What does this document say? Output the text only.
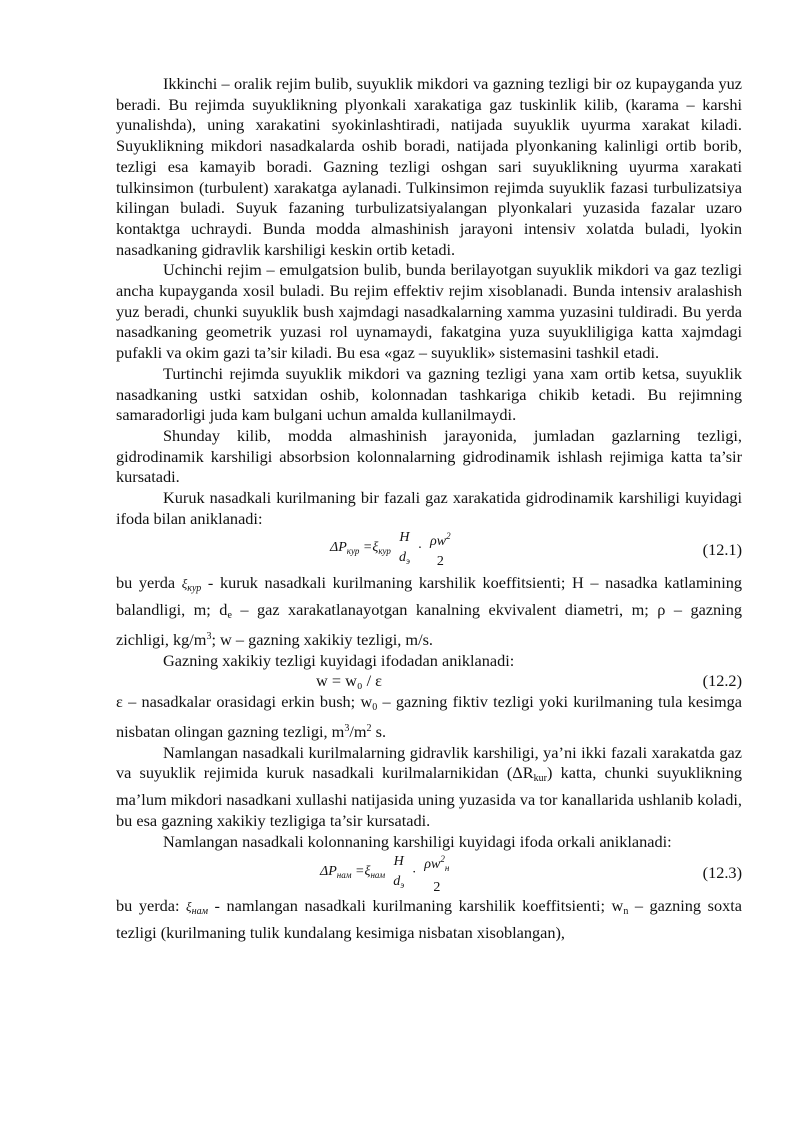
Ikkinchi – oralik rejim bulib, suyuklik mikdori va gazning tezligi bir oz kupayganda yuz beradi. Bu rejimda suyuklikning plyonkali xarakatiga gaz tuskinlik kilib, (karama – karshi yunalishda), uning xarakatini syokinlashtiradi, natijada suyuklik uyurma xarakat kiladi. Suyuklikning mikdori nasadkalarda oshib boradi, natijada plyonkaning kalinligi ortib borib, tezligi esa kamayib boradi. Gazning tezligi oshgan sari suyuklikning uyurma xarakati tulkinsimon (turbulent) xarakatga aylanadi. Tulkinsimon rejimda suyuklik fazasi turbulizatsiya kilingan buladi. Suyuk fazaning turbulizatsiyalangan plyonkalari yuzasida fazalar uzaro kontaktga uchraydi. Bunda modda almashinish jarayoni intensiv xolatda buladi, lyokin nasadkaning gidravlik karshiligi keskin ortib ketadi.

Uchinchi rejim – emulgatsion bulib, bunda berilayotgan suyuklik mikdori va gaz tezligi ancha kupayganda xosil buladi. Bu rejim effektiv rejim xisoblanadi. Bunda intensiv aralashish yuz beradi, chunki suyuklik bush xajmdagi nasadkalarning xamma yuzasini tuldiradi. Bu yerda nasadkaning geometrik yuzasi rol uynamaydi, fakatgina yuza suyukliligiga katta xajmdagi pufakli va okim gazi ta’sir kiladi. Bu esa «gaz – suyuklik» sistemasini tashkil etadi.

Turtinchi rejimda suyuklik mikdori va gazning tezligi yana xam ortib ketsa, suyuklik nasadkaning ustki satxidan oshib, kolonnadan tashkariga chikib ketadi. Bu rejimning samaradorligi juda kam bulgani uchun amalda kullanilmaydi.

Shunday kilib, modda almashinish jarayonida, jumladan gazlarning tezligi, gidrodinamik karshiligi absorbsion kolonnalarning gidrodinamik ishlash rejimiga katta ta’sir kursatadi.

Kuruk nasadkali kurilmaning bir fazali gaz xarakatida gidrodinamik karshiligi kuyidagi ifoda bilan aniklanadi:

$\Delta P_{кур} =\xi_{кур}$
H
$d_э$
· $\rho w^2$
2
(12.1)

bu yerda ξкур - kuruk nasadkali kurilmaning karshilik koeffitsienti; H – nasadka katlamining balandligi, m; de – gaz xarakatlanayotgan kanalning ekvivalent diametri, m; ρ – gazning zichligi, $kg/m^3$; w – gazning xakikiy tezligi, m/s.

Gazning xakikiy tezligi kuyidagi ifodadan aniklanadi:

w = w₀ / ε	(12.2)

ε – nasadkalar orasidagi erkin bush; w0 – gazning fiktiv tezligi yoki kurilmaning tula kesimga nisbatan olingan gazning tezligi, $m^3/m^2$ s.

Namlangan nasadkali kurilmalarning gidravlik karshiligi, ya’ni ikki fazali xarakatda gaz va suyuklik rejimida kuruk nasadkali kurilmalarnikidan (ΔRkur) katta, chunki suyuklikning ma’lum mikdori nasadkani xullashi natijasida uning yuzasida va tor kanallarida ushlanib koladi, bu esa gazning xakikiy tezligiga ta’sir kursatadi.

Namlangan nasadkali kolonnaning karshiligi kuyidagi ifoda orkali aniklanadi:

$\Delta P_{нам} =\xi_{нам}$
H
$d_э$
·
$\rho w^2_н$
2
(12.3)

bu yerda: ξнам - namlangan nasadkali kurilmaning karshilik koeffitsienti; wn – gazning soxta tezligi (kurilmaning tulik kundalang kesimiga nisbatan xisoblangan),
